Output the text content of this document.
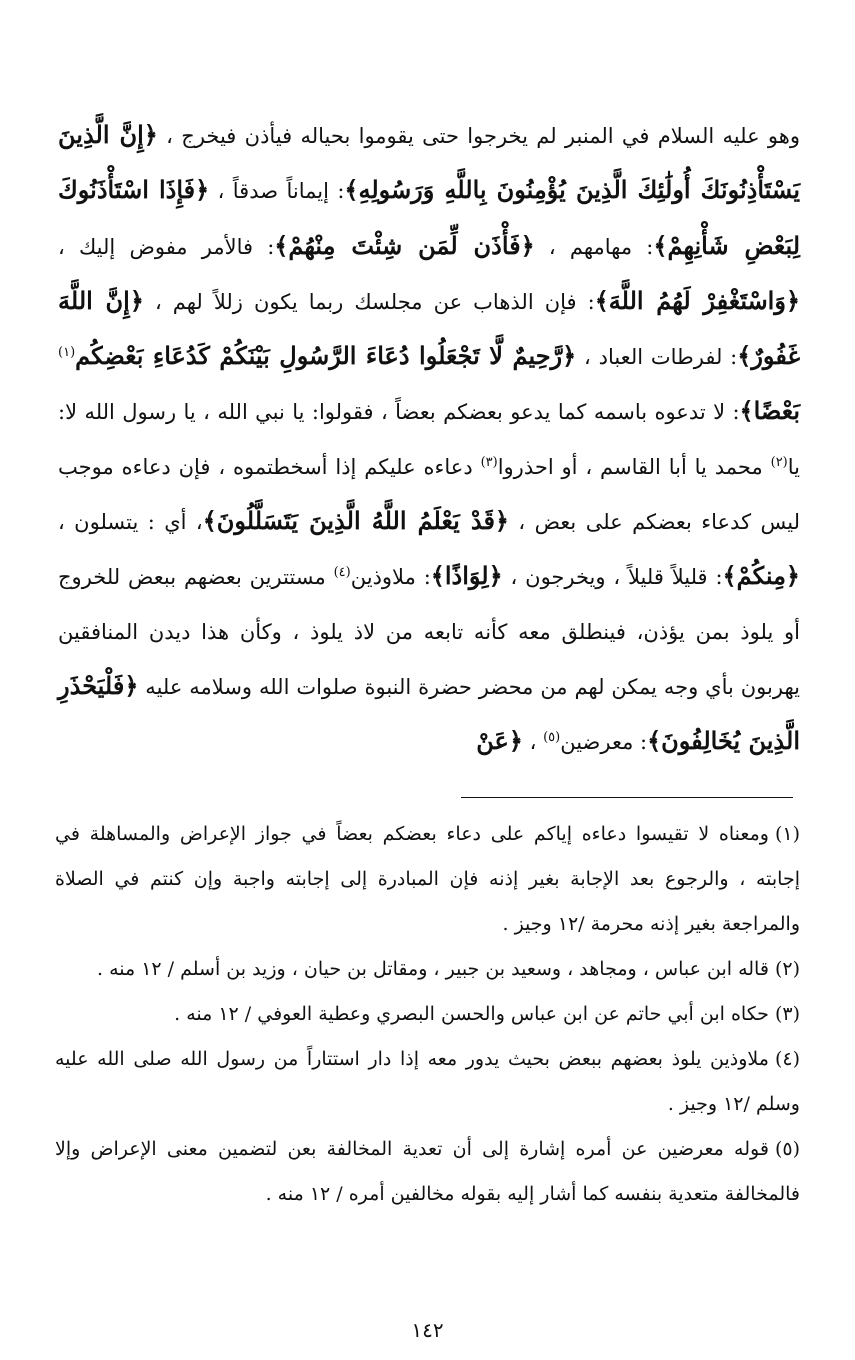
وهو عليه السلام في المنبر لم يخرجوا حتى يقوموا بحياله فيأذن فيخرج ، ﴿إِنَّ الَّذِينَ يَسْتَأْذِنُونَكَ أُولَٰئِكَ الَّذِينَ يُؤْمِنُونَ بِاللَّهِ وَرَسُولِهِ﴾: إيماناً صدقاً ، ﴿فَإِذَا اسْتَأْذَنُوكَ لِبَعْضِ شَأْنِهِمْ﴾: مهامهم ، ﴿فَأْذَن لِّمَن شِئْتَ مِنْهُمْ﴾: فالأمر مفوض إليك ، ﴿وَاسْتَغْفِرْ لَهُمُ اللَّهَ﴾: فإن الذهاب عن مجلسك ربما يكون زللاً لهم ، ﴿إِنَّ اللَّهَ غَفُورٌ﴾: لفرطات العباد ، ﴿رَّحِيمٌ لَّا تَجْعَلُوا دُعَاءَ الرَّسُولِ بَيْنَكُمْ كَدُعَاءِ بَعْضِكُم$^{(١)}$ بَعْضًا﴾: لا تدعوه باسمه كما يدعو بعضكم بعضاً ، فقولوا: يا نبي الله ، يا رسول الله لا: يا$^{(٢)}$ محمد يا أبا القاسم ، أو احذروا$^{(٣)}$ دعاءه عليكم إذا أسخطتموه ، فإن دعاءه موجب ليس كدعاء بعضكم على بعض ، ﴿قَدْ يَعْلَمُ اللَّهُ الَّذِينَ يَتَسَلَّلُونَ﴾، أي : يتسلون ، ﴿مِنكُمْ﴾: قليلاً قليلاً ، ويخرجون ، ﴿لِوَاذًا﴾: ملاوذين$^{(٤)}$ مستترين بعضهم ببعض للخروج أو يلوذ بمن يؤذن، فينطلق معه كأنه تابعه من لاذ يلوذ ، وكأن هذا ديدن المنافقين يهربون بأي وجه يمكن لهم من محضر حضرة النبوة صلوات الله وسلامه عليه ﴿فَلْيَحْذَرِ الَّذِينَ يُخَالِفُونَ﴾: معرضين$^{(٥)}$ ، ﴿عَنْ
(١)ومعناه لا تقيسوا دعاءه إياكم على دعاء بعضكم بعضاً في جواز الإعراض والمساهلة في إجابته ، والرجوع بعد الإجابة بغير إذنه فإن المبادرة إلى إجابته واجبة وإن كنتم في الصلاة والمراجعة بغير إذنه محرمة /١٢ وجيز .
(٢)قاله ابن عباس ، ومجاهد ، وسعيد بن جبير ، ومقاتل بن حيان ، وزيد بن أسلم / ١٢ منه .
(٣)حكاه ابن أبي حاتم عن ابن عباس والحسن البصري وعطية العوفي / ١٢ منه .
(٤)ملاوذين يلوذ بعضهم ببعض بحيث يدور معه إذا دار استتاراً من رسول الله صلى الله عليه وسلم /١٢ وجيز .
(٥)قوله معرضين عن أمره إشارة إلى أن تعدية المخالفة بعن لتضمين معنى الإعراض وإلا فالمخالفة متعدية بنفسه كما أشار إليه بقوله مخالفين أمره / ١٢ منه .
١٤٢
